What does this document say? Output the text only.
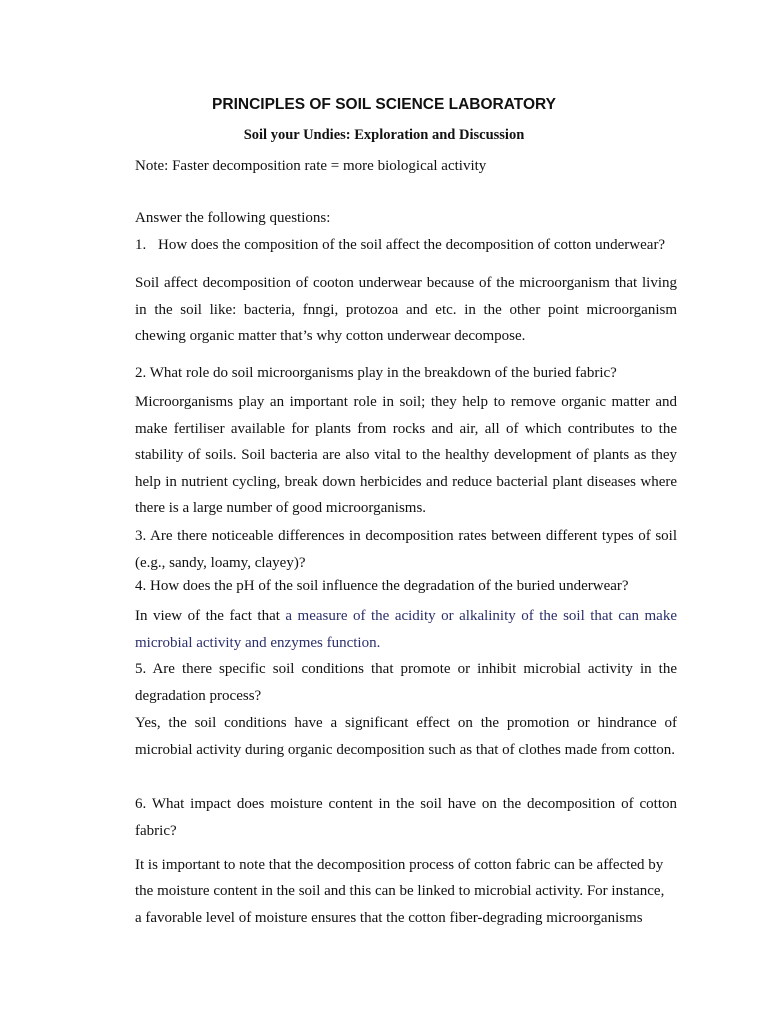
PRINCIPLES OF SOIL SCIENCE LABORATORY
Soil your Undies: Exploration and Discussion
Note: Faster decomposition rate = more biological activity
Answer the following questions:
1. How does the composition of the soil affect the decomposition of cotton underwear?
Soil affect decomposition of cooton underwear because of the microorganism that living in the soil like: bacteria, fnngi, protozoa and etc. in the other point microorganism chewing organic matter that’s why cotton underwear decompose.
2. What role do soil microorganisms play in the breakdown of the buried fabric?
Microorganisms play an important role in soil; they help to remove organic matter and make fertiliser available for plants from rocks and air, all of which contributes to the stability of soils. Soil bacteria are also vital to the healthy development of plants as they help in nutrient cycling, break down herbicides and reduce bacterial plant diseases where there is a large number of good microorganisms.
3. Are there noticeable differences in decomposition rates between different types of soil (e.g., sandy, loamy, clayey)?
4. How does the pH of the soil influence the degradation of the buried underwear?
In view of the fact that a measure of the acidity or alkalinity of the soil that can make microbial activity and enzymes function.
5. Are there specific soil conditions that promote or inhibit microbial activity in the degradation process?
Yes, the soil conditions have a significant effect on the promotion or hindrance of microbial activity during organic decomposition such as that of clothes made from cotton.
6. What impact does moisture content in the soil have on the decomposition of cotton fabric?
It is important to note that the decomposition process of cotton fabric can be affected by
the moisture content in the soil and this can be linked to microbial activity. For instance,
a favorable level of moisture ensures that the cotton fiber-degrading microorganisms
